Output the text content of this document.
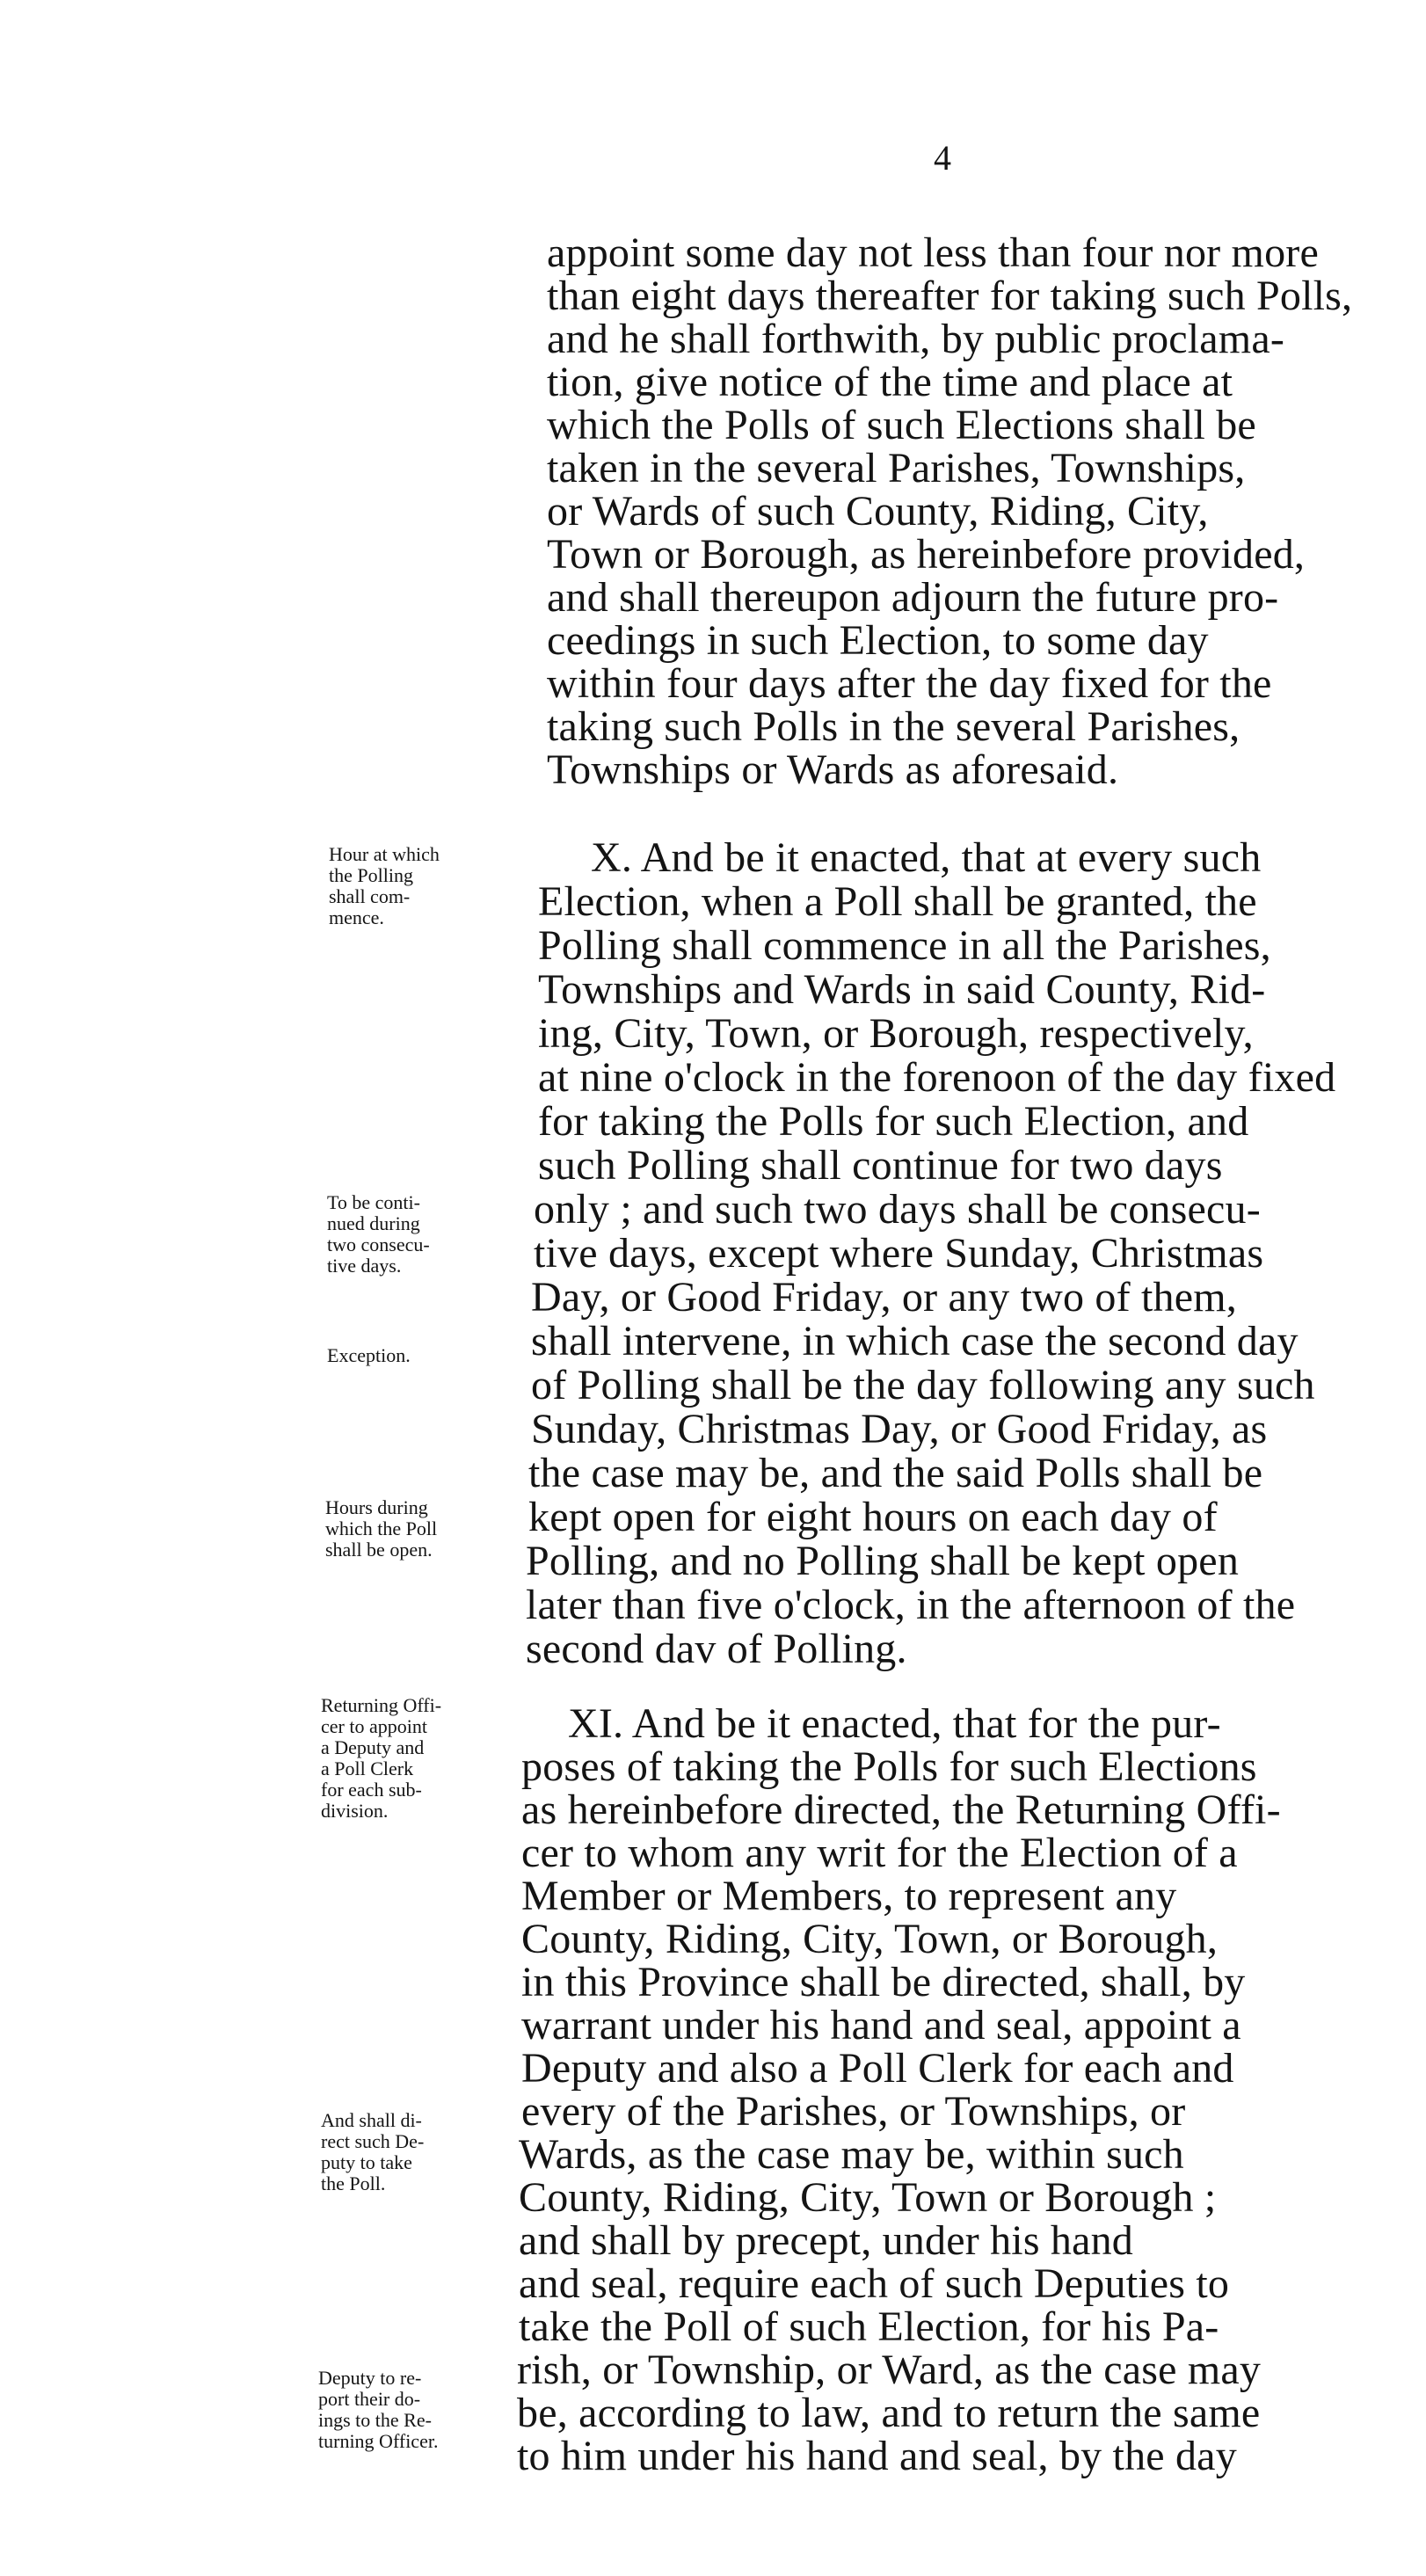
4
appoint some day not less than four nor more
than eight days thereafter for taking such Polls,
and he shall forthwith, by public proclama-
tion, give notice of the time and place at
which the Polls of such Elections shall be
taken in the several Parishes, Townships,
or Wards of such County, Riding, City,
Town or Borough, as hereinbefore provided,
and shall thereupon adjourn the future pro-
ceedings in such Election, to some day
within four days after the day fixed for the
taking such Polls in the several Parishes,
Townships or Wards as aforesaid.
X. And be it enacted, that at every such
Election, when a Poll shall be granted, the
Polling shall commence in all the Parishes,
Townships and Wards in said County, Rid-
ing, City, Town, or Borough, respectively,
at nine o'clock in the forenoon of the day fixed
for taking the Polls for such Election, and
such Polling shall continue for two days
only ; and such two days shall be consecu-
tive days, except where Sunday, Christmas
Day, or Good Friday, or any two of them,
shall intervene, in which case the second day
of Polling shall be the day following any such
Sunday, Christmas Day, or Good Friday, as
the case may be, and the said Polls shall be
kept open for eight hours on each day of
Polling, and no Polling shall be kept open
later than five o'clock, in the afternoon of the
second dav of Polling.
XI. And be it enacted, that for the pur-
poses of taking the Polls for such Elections
as hereinbefore directed, the Returning Offi-
cer to whom any writ for the Election of a
Member or Members, to represent any
County, Riding, City, Town, or Borough,
in this Province shall be directed, shall, by
warrant under his hand and seal, appoint a
Deputy and also a Poll Clerk for each and
every of the Parishes, or Townships, or
Wards, as the case may be, within such
County, Riding, City, Town or Borough ;
and shall by precept, under his hand
and seal, require each of such Deputies to
take the Poll of such Election, for his Pa-
rish, or Township, or Ward, as the case may
be, according to law, and to return the same
to him under his hand and seal, by the day
Hour at which
the Polling
shall com-
mence.
To be conti-
nued during
two consecu-
tive days.
Exception.
Hours during
which the Poll
shall be open.
Returning Offi-
cer to appoint
a Deputy and
a Poll Clerk
for each sub-
division.
And shall di-
rect such De-
puty to take
the Poll.
Deputy to re-
port their do-
ings to the Re-
turning Officer.
